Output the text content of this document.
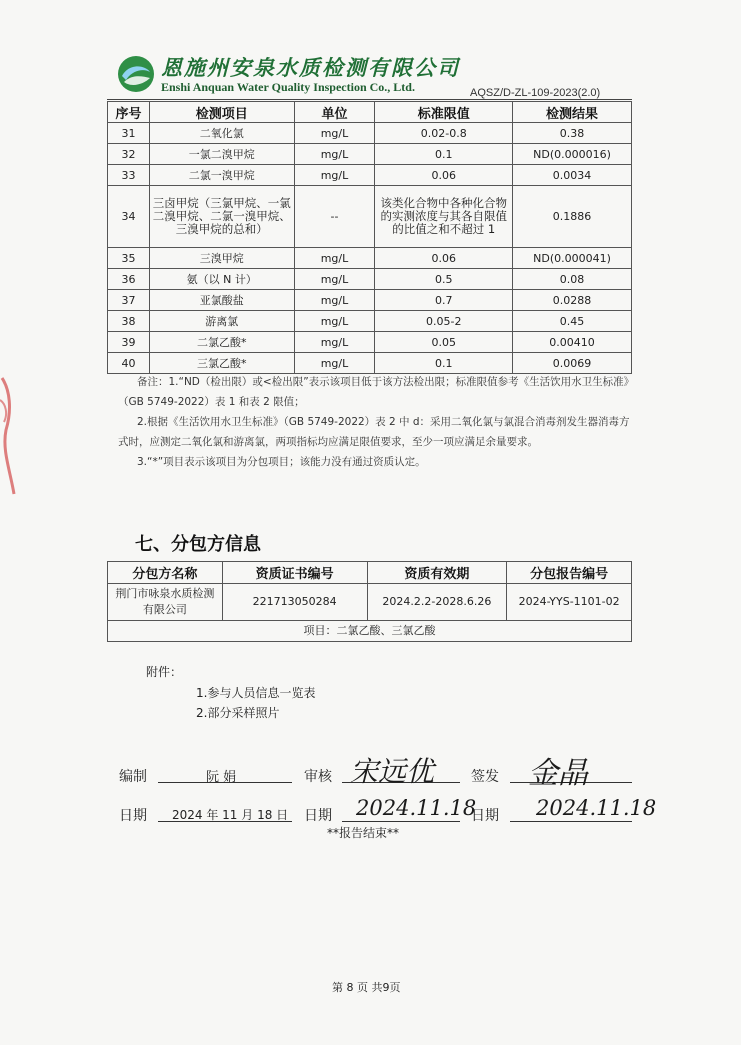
恩施州安泉水质检测有限公司
Enshi Anquan Water Quality Inspection Co., Ltd.	AQSZ/D-ZL-109-2023(2.0)
序号	检测项目	单位	标准限值	检测结果
31	二氧化氯	mg/L	0.02-0.8	0.38
32	一氯二溴甲烷	mg/L	0.1	ND(0.000016)
33	二氯一溴甲烷	mg/L	0.06	0.0034
34	三卤甲烷（三氯甲烷、一氯二溴甲烷、二氯一溴甲烷、三溴甲烷的总和）	--	该类化合物中各种化合物的实测浓度与其各自限值的比值之和不超过 1	0.1886
35	三溴甲烷	mg/L	0.06	ND(0.000041)
36	氨（以 N 计）	mg/L	0.5	0.08
37	亚氯酸盐	mg/L	0.7	0.0288
38	游离氯	mg/L	0.05-2	0.45
39	二氯乙酸*	mg/L	0.05	0.00410
40	三氯乙酸*	mg/L	0.1	0.0069

备注：1.“ND（检出限）或<检出限”表示该项目低于该方法检出限；标准限值参考《生活饮用水卫生标准》（GB 5749-2022）表 1 和表 2 限值；

2.根据《生活饮用水卫生标准》（GB 5749-2022）表 2 中 d：采用二氧化氯与氯混合消毒剂发生器消毒方式时，应测定二氧化氯和游离氯，两项指标均应满足限值要求，至少一项应满足余量要求。

3.“*”项目表示该项目为分包项目；该能力没有通过资质认定。

七、分包方信息
分包方名称	资质证书编号	资质有效期	分包报告编号
荆门市咏泉水质检测有限公司	221713050284	2024.2.2-2028.6.26	2024-YYS-1101-02
项目：二氯乙酸、三氯乙酸			
附件：
1.参与人员信息一览表
2.部分采样照片
编制	阮 娟	审核 宋远优	签发 金晶
日期 2024 年 11 月 18 日 日期 2024.11.18
日期 2024.11.18
**报告结束**
第 8 页 共9页
